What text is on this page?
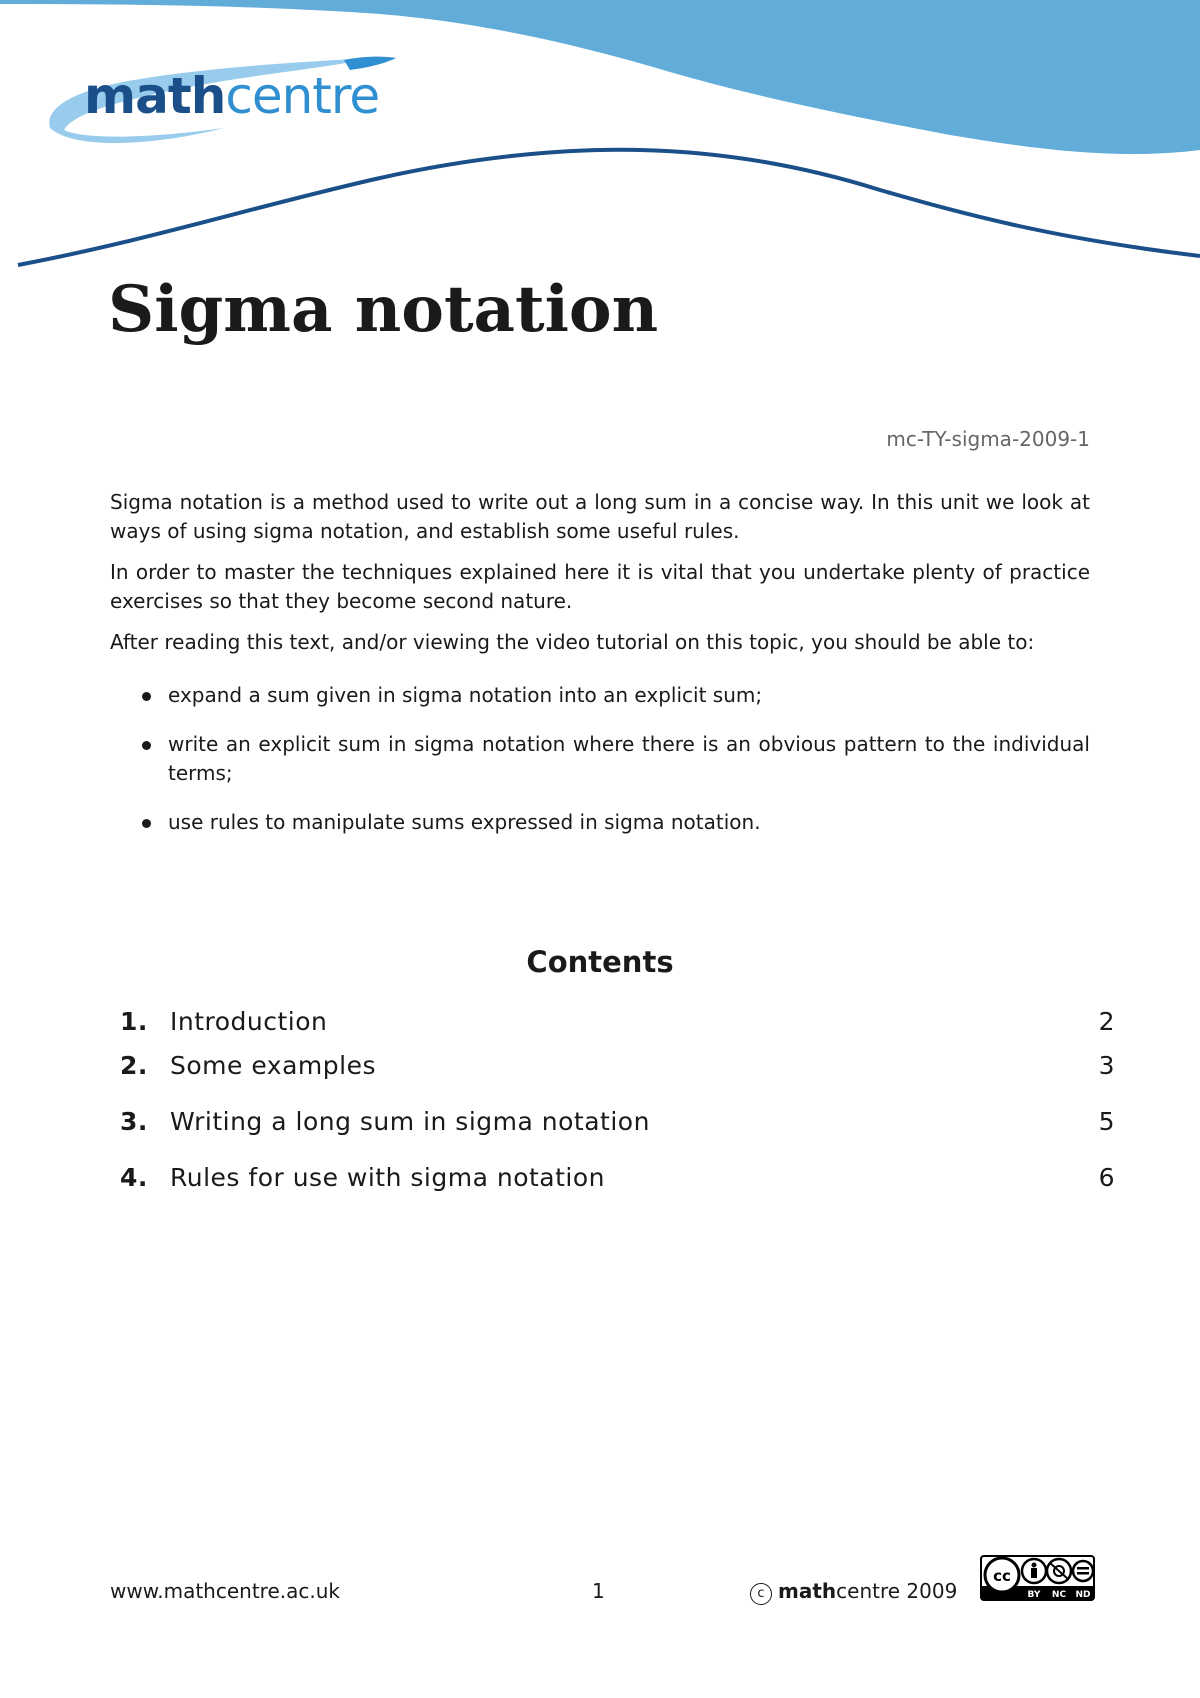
mathcentre
Sigma notation
mc-TY-sigma-2009-1

Sigma notation is a method used to write out a long sum in a concise way. In this unit we look at ways of using sigma notation, and establish some useful rules.

In order to master the techniques explained here it is vital that you undertake plenty of practice exercises so that they become second nature.

After reading this text, and/or viewing the video tutorial on this topic, you should be able to:

expand a sum given in sigma notation into an explicit sum;
write an explicit sum in sigma notation where there is an obvious pattern to the individual terms;
use rules to manipulate sums expressed in sigma notation.
Contents
1. Introduction	2
2. Some examples	3
3. Writing a long sum in sigma notation	5
4. Rules for use with sigma notation	6
www.mathcentre.ac.uk	1	c mathcentre 2009
cc
BY NC ND
